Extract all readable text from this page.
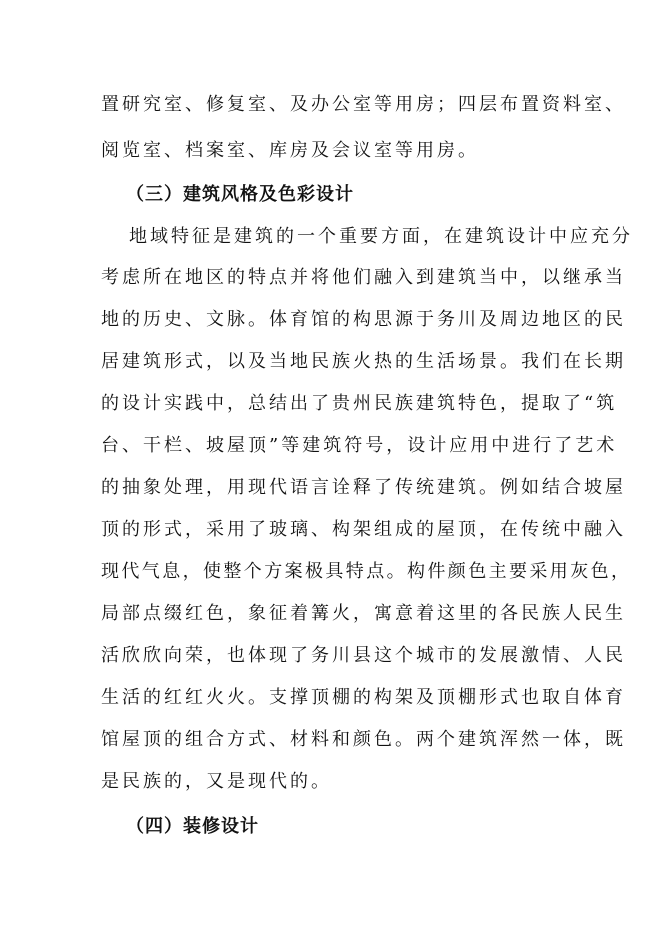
置研究室、修复室、及办公室等用房；四层布置资料室、
阅览室、档案室、库房及会议室等用房。
（三）建筑风格及色彩设计
地域特征是建筑的一个重要方面，在建筑设计中应充分
考虑所在地区的特点并将他们融入到建筑当中，以继承当
地的历史、文脉。体育馆的构思源于务川及周边地区的民
居建筑形式，以及当地民族火热的生活场景。我们在长期
的设计实践中，总结出了贵州民族建筑特色，提取了“筑
台、干栏、坡屋顶”等建筑符号，设计应用中进行了艺术
的抽象处理，用现代语言诠释了传统建筑。例如结合坡屋
顶的形式，采用了玻璃、构架组成的屋顶，在传统中融入
现代气息，使整个方案极具特点。构件颜色主要采用灰色，
局部点缀红色，象征着篝火，寓意着这里的各民族人民生
活欣欣向荣，也体现了务川县这个城市的发展激情、人民
生活的红红火火。支撑顶棚的构架及顶棚形式也取自体育
馆屋顶的组合方式、材料和颜色。两个建筑浑然一体，既
是民族的，又是现代的。
（四）装修设计
